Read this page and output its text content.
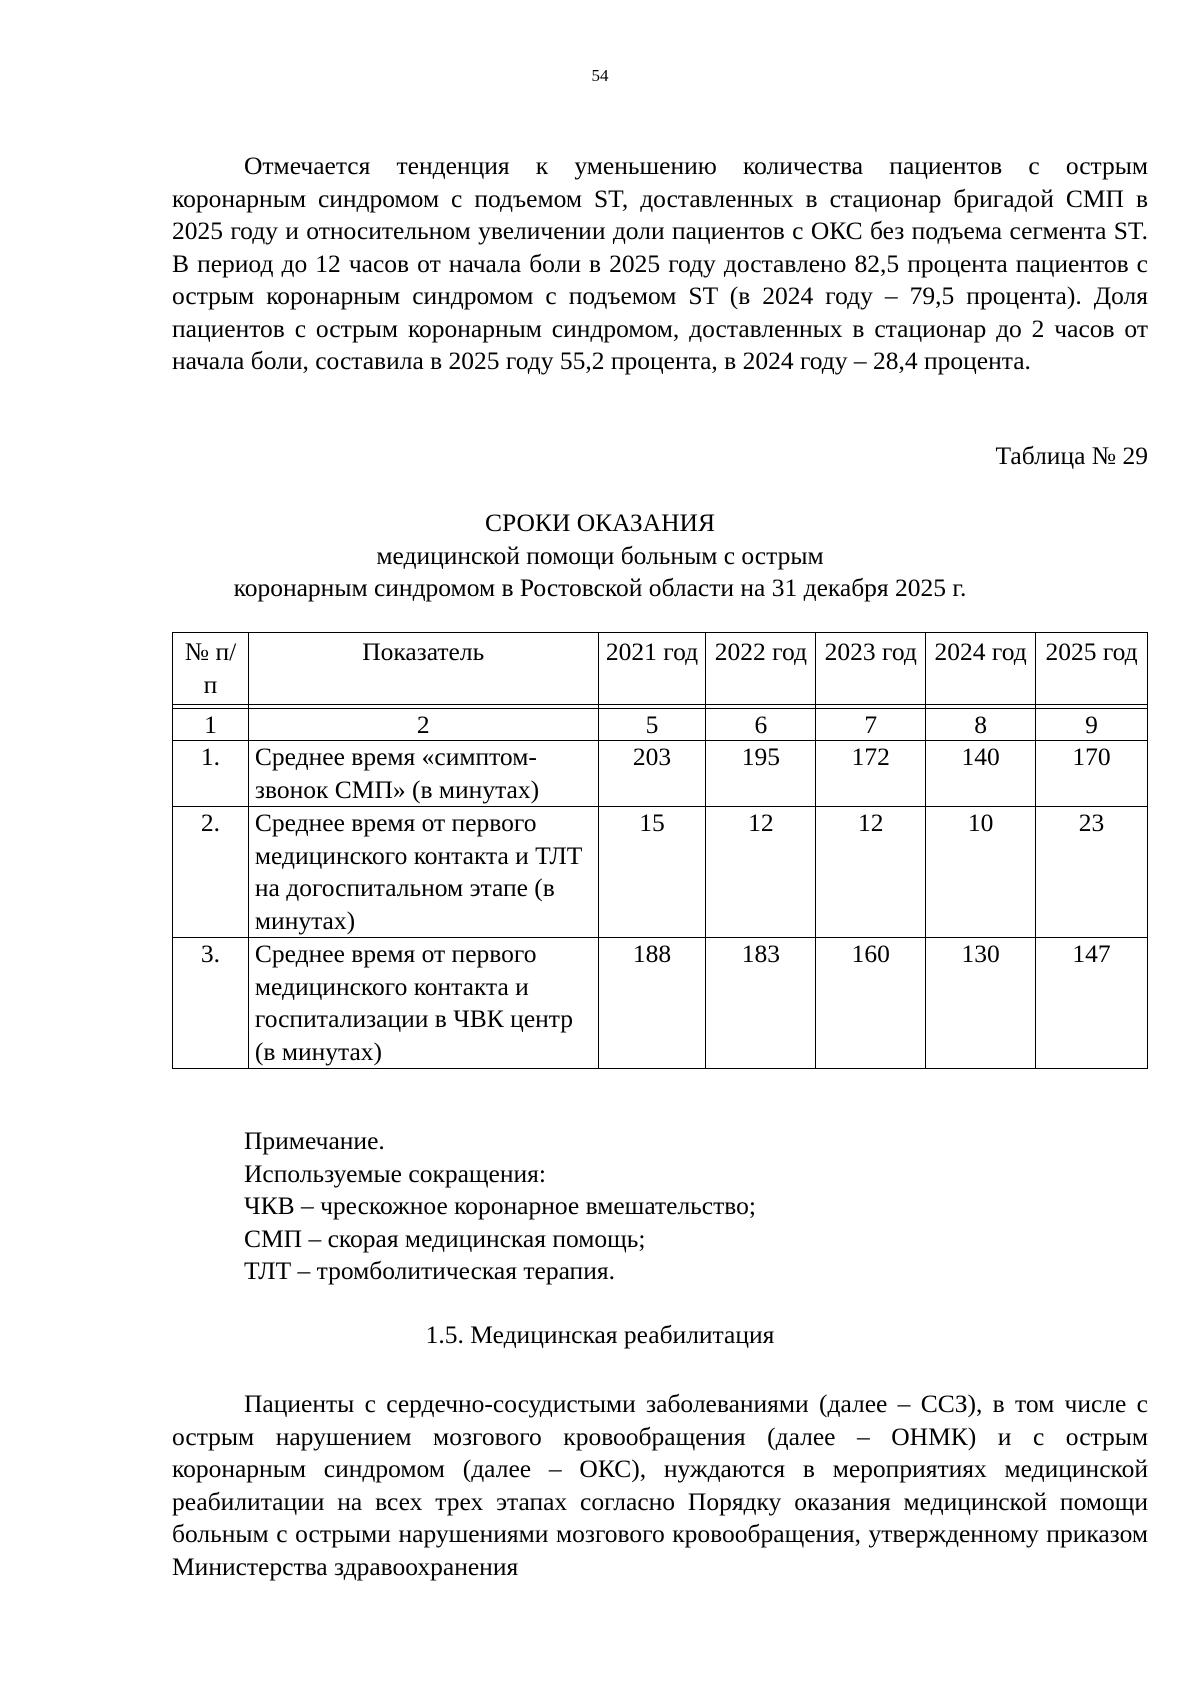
54

Отмечается тенденция к уменьшению количества пациентов с острым коронарным синдромом с подъемом ST, доставленных в стационар бригадой СМП в 2025 году и относительном увеличении доли пациентов с ОКС без подъема сегмента ST. В период до 12 часов от начала боли в 2025 году доставлено 82,5 процента пациентов с острым коронарным синдромом с подъемом ST (в 2024 году – 79,5 процента). Доля пациентов с острым коронарным синдромом, доставленных в стационар до 2 часов от начала боли, составила в 2025 году 55,2 процента, в 2024 году – 28,4 процента.

Таблица № 29
СРОКИ ОКАЗАНИЯ
медицинской помощи больным с острым
коронарным синдромом в Ростовской области на 31 декабря 2025 г.
№ п/п	Показатель	2021 год	2022 год	2023 год	2024 год	2025 год

1	2	5	6	7	8	9
1.	Среднее время «симптом-звонок СМП» (в минутах)	203	195	172	140	170
2.	Среднее время от первого медицинского контакта и ТЛТ на догоспитальном этапе (в минутах)	15	12	12	10	23
3.	Среднее время от первого медицинского контакта и госпитализации в ЧВК центр (в минутах)	188	183	160	130	147
Примечание.
Используемые сокращения:
ЧКВ – чрескожное коронарное вмешательство;
СМП – скорая медицинская помощь;
ТЛТ – тромболитическая терапия.
1.5. Медицинская реабилитация

Пациенты с сердечно-сосудистыми заболеваниями (далее – ССЗ), в том числе с острым нарушением мозгового кровообращения (далее – ОНМК) и с острым коронарным синдромом (далее – ОКС), нуждаются в мероприятиях медицинской реабилитации на всех трех этапах согласно Порядку оказания медицинской помощи больным с острыми нарушениями мозгового кровообращения, утвержденному приказом Министерства здравоохранения
